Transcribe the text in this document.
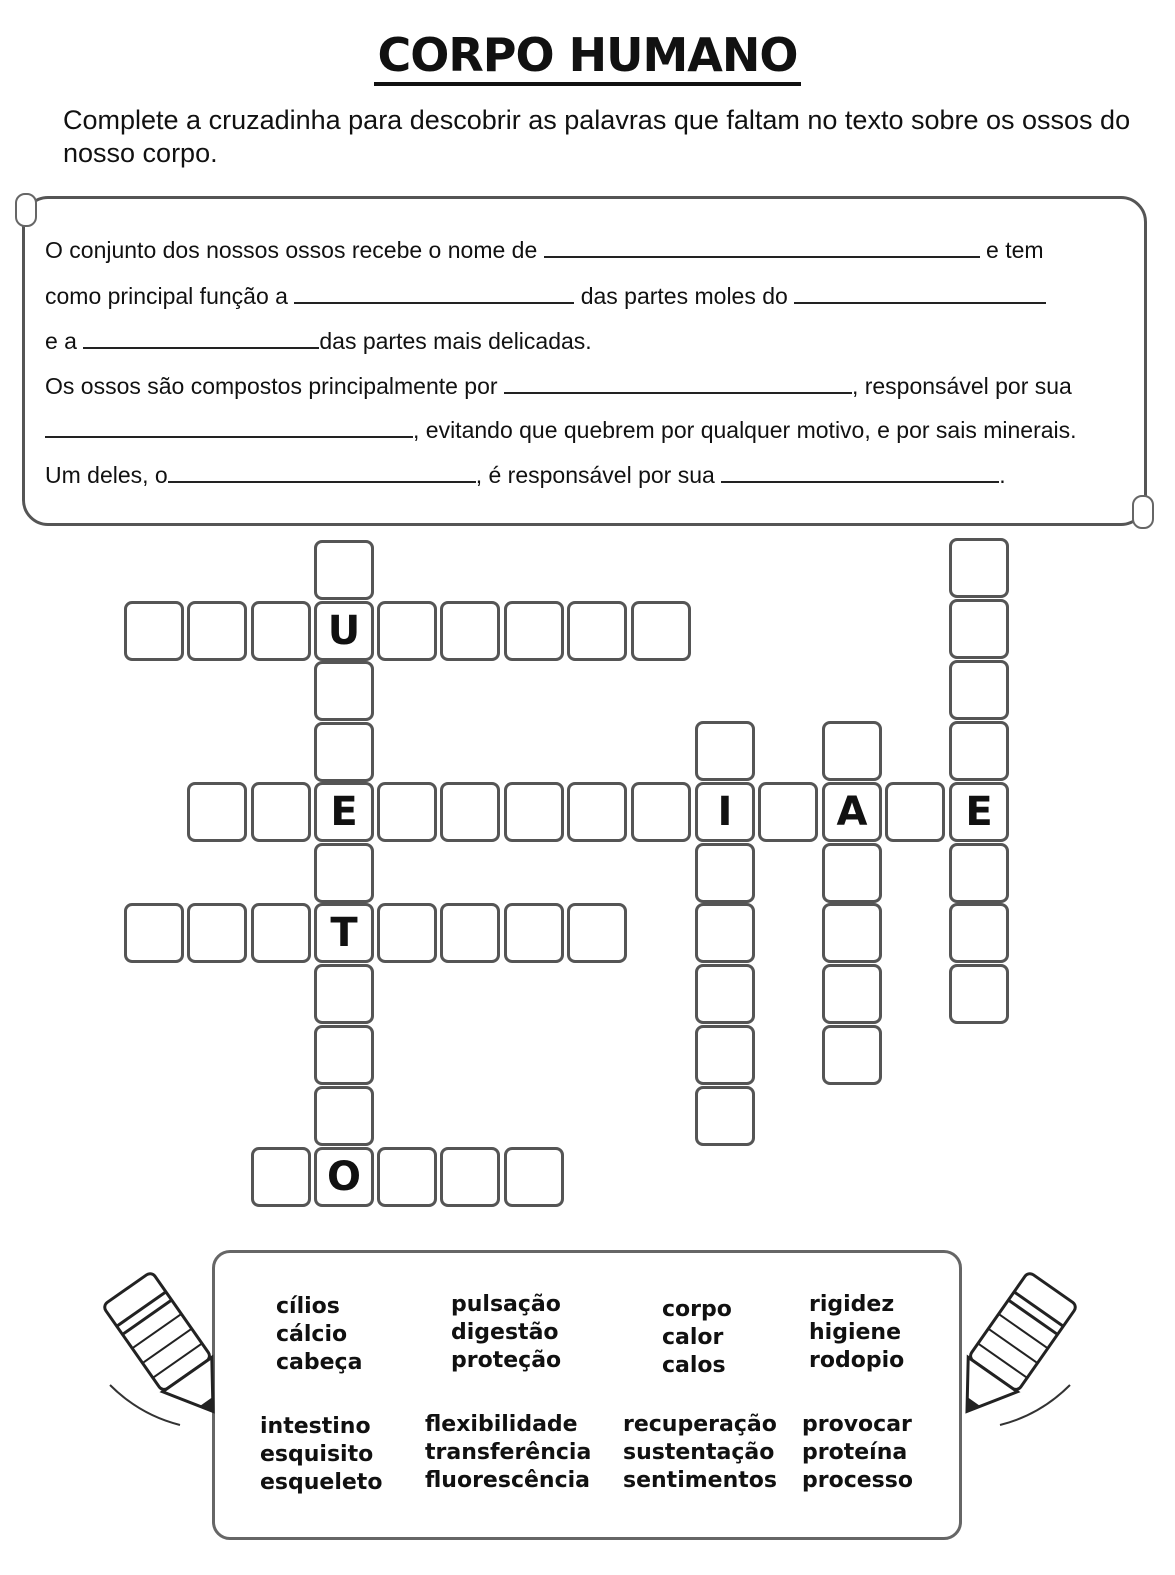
CORPO HUMANO
Complete a cruzadinha para descobrir as palavras que faltam no texto sobre os ossos do nosso corpo.
O conjunto dos nossos ossos recebe o nome de	e tem
como principal função a	das partes moles do
e a	das partes mais delicadas.
Os ossos são compostos principalmente por	, responsável por sua
, evitando que quebrem por qualquer motivo, e por sais minerais.
Um deles, o	, é responsável por sua	.
U
E	I	A	E
T
O
cílios
cálcio
cabeça
pulsação
digestão
proteção
corpo
calor
calos
rigidez
higiene
rodopio
intestino
esquisito
esqueleto
flexibilidade
transferência
fluorescência
recuperação
sustentação
sentimentos
provocar
proteína
processo
